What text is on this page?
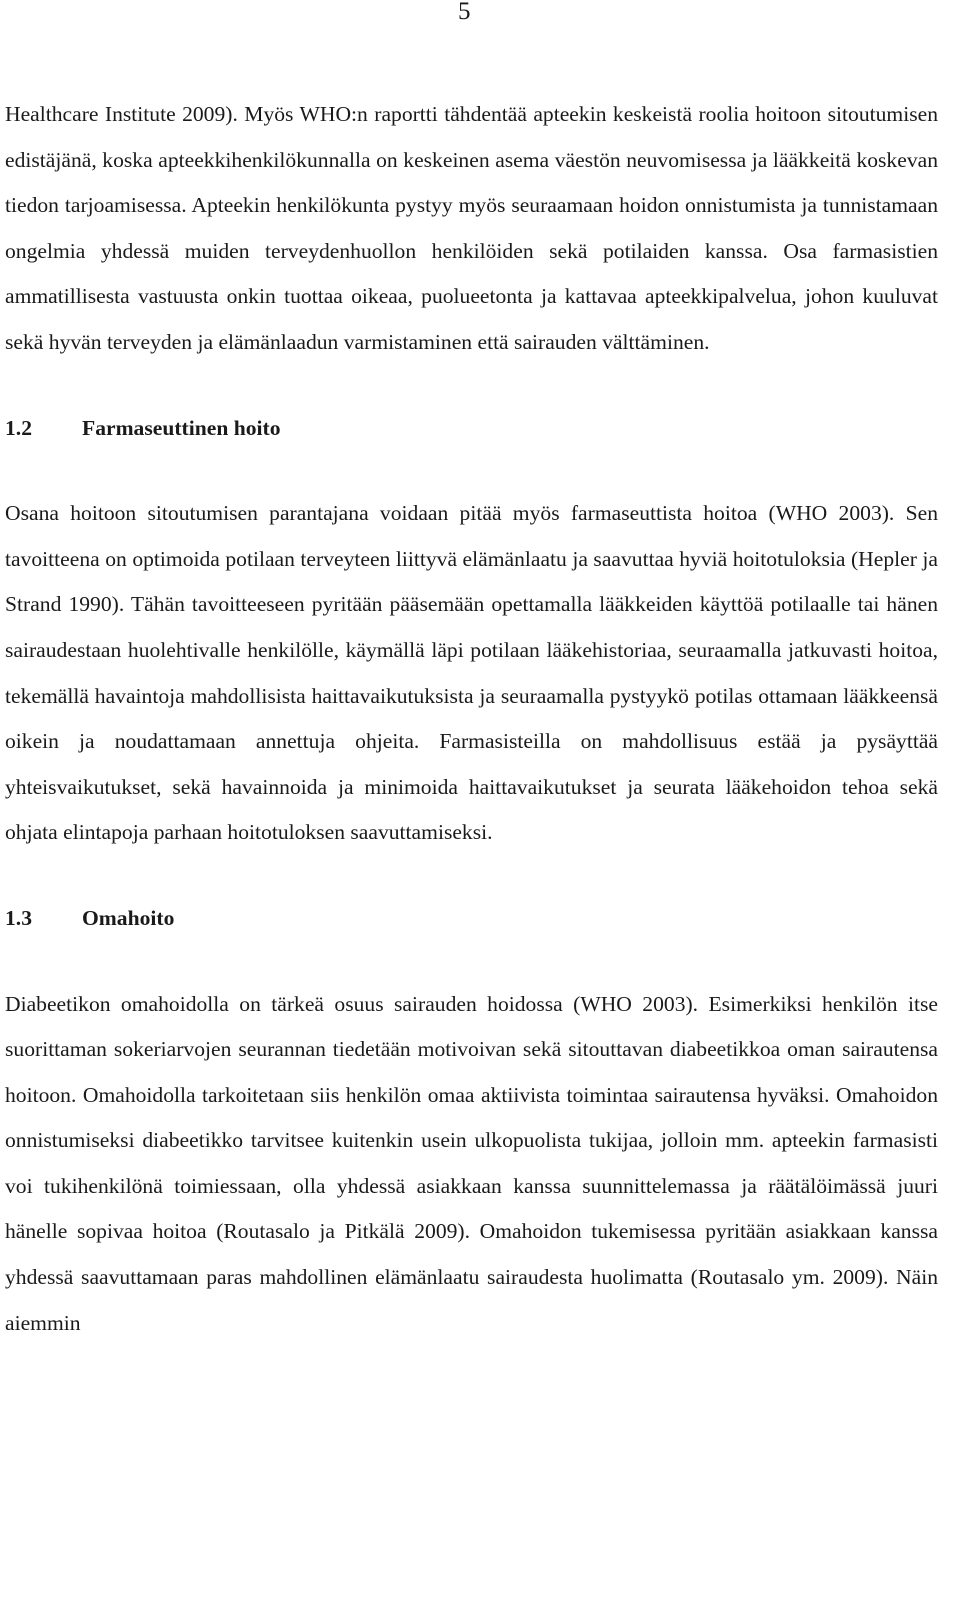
5

Healthcare Institute 2009). Myös WHO:n raportti tähdentää apteekin keskeistä roolia hoitoon sitoutumisen edistäjänä, koska apteekkihenkilökunnalla on keskeinen asema väestön neuvomisessa ja lääkkeitä koskevan tiedon tarjoamisessa. Apteekin henkilökunta pystyy myös seuraamaan hoidon onnistumista ja tunnistamaan ongelmia yhdessä muiden terveydenhuollon henkilöiden sekä potilaiden kanssa. Osa farmasistien ammatillisesta vastuusta onkin tuottaa oikeaa, puolueetonta ja kattavaa apteekkipalvelua, johon kuuluvat sekä hyvän terveyden ja elämänlaadun varmistaminen että sairauden välttäminen.

1.2	Farmaseuttinen hoito

Osana hoitoon sitoutumisen parantajana voidaan pitää myös farmaseuttista hoitoa (WHO 2003). Sen tavoitteena on optimoida potilaan terveyteen liittyvä elämänlaatu ja saavuttaa hyviä hoitotuloksia (Hepler ja Strand 1990). Tähän tavoitteeseen pyritään pääsemään opettamalla lääkkeiden käyttöä potilaalle tai hänen sairaudestaan huolehtivalle henkilölle, käymällä läpi potilaan lääkehistoriaa, seuraamalla jatkuvasti hoitoa, tekemällä havaintoja mahdollisista haittavaikutuksista ja seuraamalla pystyykö potilas ottamaan lääkkeensä oikein ja noudattamaan annettuja ohjeita. Farmasisteilla on mahdollisuus estää ja pysäyttää yhteisvaikutukset, sekä havainnoida ja minimoida haittavaikutukset ja seurata lääkehoidon tehoa sekä ohjata elintapoja parhaan hoitotuloksen saavuttamiseksi.

1.3	Omahoito

Diabeetikon omahoidolla on tärkeä osuus sairauden hoidossa (WHO 2003). Esimerkiksi henkilön itse suorittaman sokeriarvojen seurannan tiedetään motivoivan sekä sitouttavan diabeetikkoa oman sairautensa hoitoon. Omahoidolla tarkoitetaan siis henkilön omaa aktiivista toimintaa sairautensa hyväksi. Omahoidon onnistumiseksi diabeetikko tarvitsee kuitenkin usein ulkopuolista tukijaa, jolloin mm. apteekin farmasisti voi tukihenkilönä toimiessaan, olla yhdessä asiakkaan kanssa suunnittelemassa ja räätälöimässä juuri hänelle sopivaa hoitoa (Routasalo ja Pitkälä 2009). Omahoidon tukemisessa pyritään asiakkaan kanssa yhdessä saavuttamaan paras mahdollinen elämänlaatu sairaudesta huolimatta (Routasalo ym. 2009). Näin aiemmin
